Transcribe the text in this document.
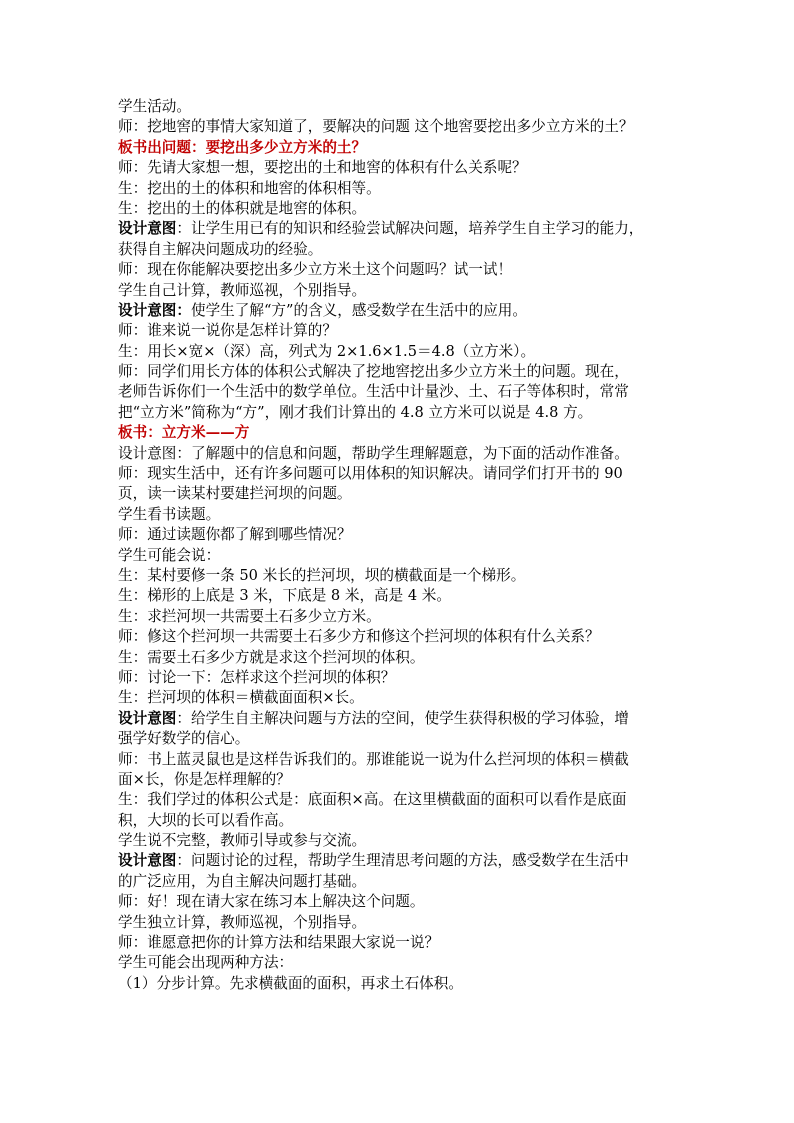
学生活动。
师：挖地窖的事情大家知道了，要解决的问题 这个地窖要挖出多少立方米的土？
板书出问题：要挖出多少立方米的土？
师：先请大家想一想，要挖出的土和地窖的体积有什么关系呢？
生：挖出的土的体积和地窖的体积相等。
生：挖出的土的体积就是地窖的体积。
设计意图：让学生用已有的知识和经验尝试解决问题，培养学生自主学习的能力，
获得自主解决问题成功的经验。
师：现在你能解决要挖出多少立方米土这个问题吗？试一试！
学生自己计算，教师巡视，个别指导。
设计意图：使学生了解“方”的含义，感受数学在生活中的应用。
师：谁来说一说你是怎样计算的？
生：用长×宽×（深）高，列式为 2×1.6×1.5＝4.8（立方米）。
师：同学们用长方体的体积公式解决了挖地窖挖出多少立方米土的问题。现在，
老师告诉你们一个生活中的数学单位。生活中计量沙、土、石子等体积时，常常
把“立方米”简称为“方”，刚才我们计算出的 4.8 立方米可以说是 4.8 方。
板书：立方米——方
设计意图：了解题中的信息和问题，帮助学生理解题意，为下面的活动作准备。
师：现实生活中，还有许多问题可以用体积的知识解决。请同学们打开书的 90
页，读一读某村要建拦河坝的问题。
学生看书读题。
师：通过读题你都了解到哪些情况？
学生可能会说：
生：某村要修一条 50 米长的拦河坝，坝的横截面是一个梯形。
生：梯形的上底是 3 米，下底是 8 米，高是 4 米。
生：求拦河坝一共需要土石多少立方米。
师：修这个拦河坝一共需要土石多少方和修这个拦河坝的体积有什么关系？
生：需要土石多少方就是求这个拦河坝的体积。
师：讨论一下：怎样求这个拦河坝的体积？
生：拦河坝的体积＝横截面面积×长。
设计意图：给学生自主解决问题与方法的空间，使学生获得积极的学习体验，增
强学好数学的信心。
师：书上蓝灵鼠也是这样告诉我们的。那谁能说一说为什么拦河坝的体积＝横截
面×长，你是怎样理解的？
生：我们学过的体积公式是：底面积×高。在这里横截面的面积可以看作是底面
积，大坝的长可以看作高。
学生说不完整，教师引导或参与交流。
设计意图：问题讨论的过程，帮助学生理清思考问题的方法，感受数学在生活中
的广泛应用，为自主解决问题打基础。
师：好！现在请大家在练习本上解决这个问题。
学生独立计算，教师巡视，个别指导。
师：谁愿意把你的计算方法和结果跟大家说一说？
学生可能会出现两种方法：
（1）分步计算。先求横截面的面积，再求土石体积。
